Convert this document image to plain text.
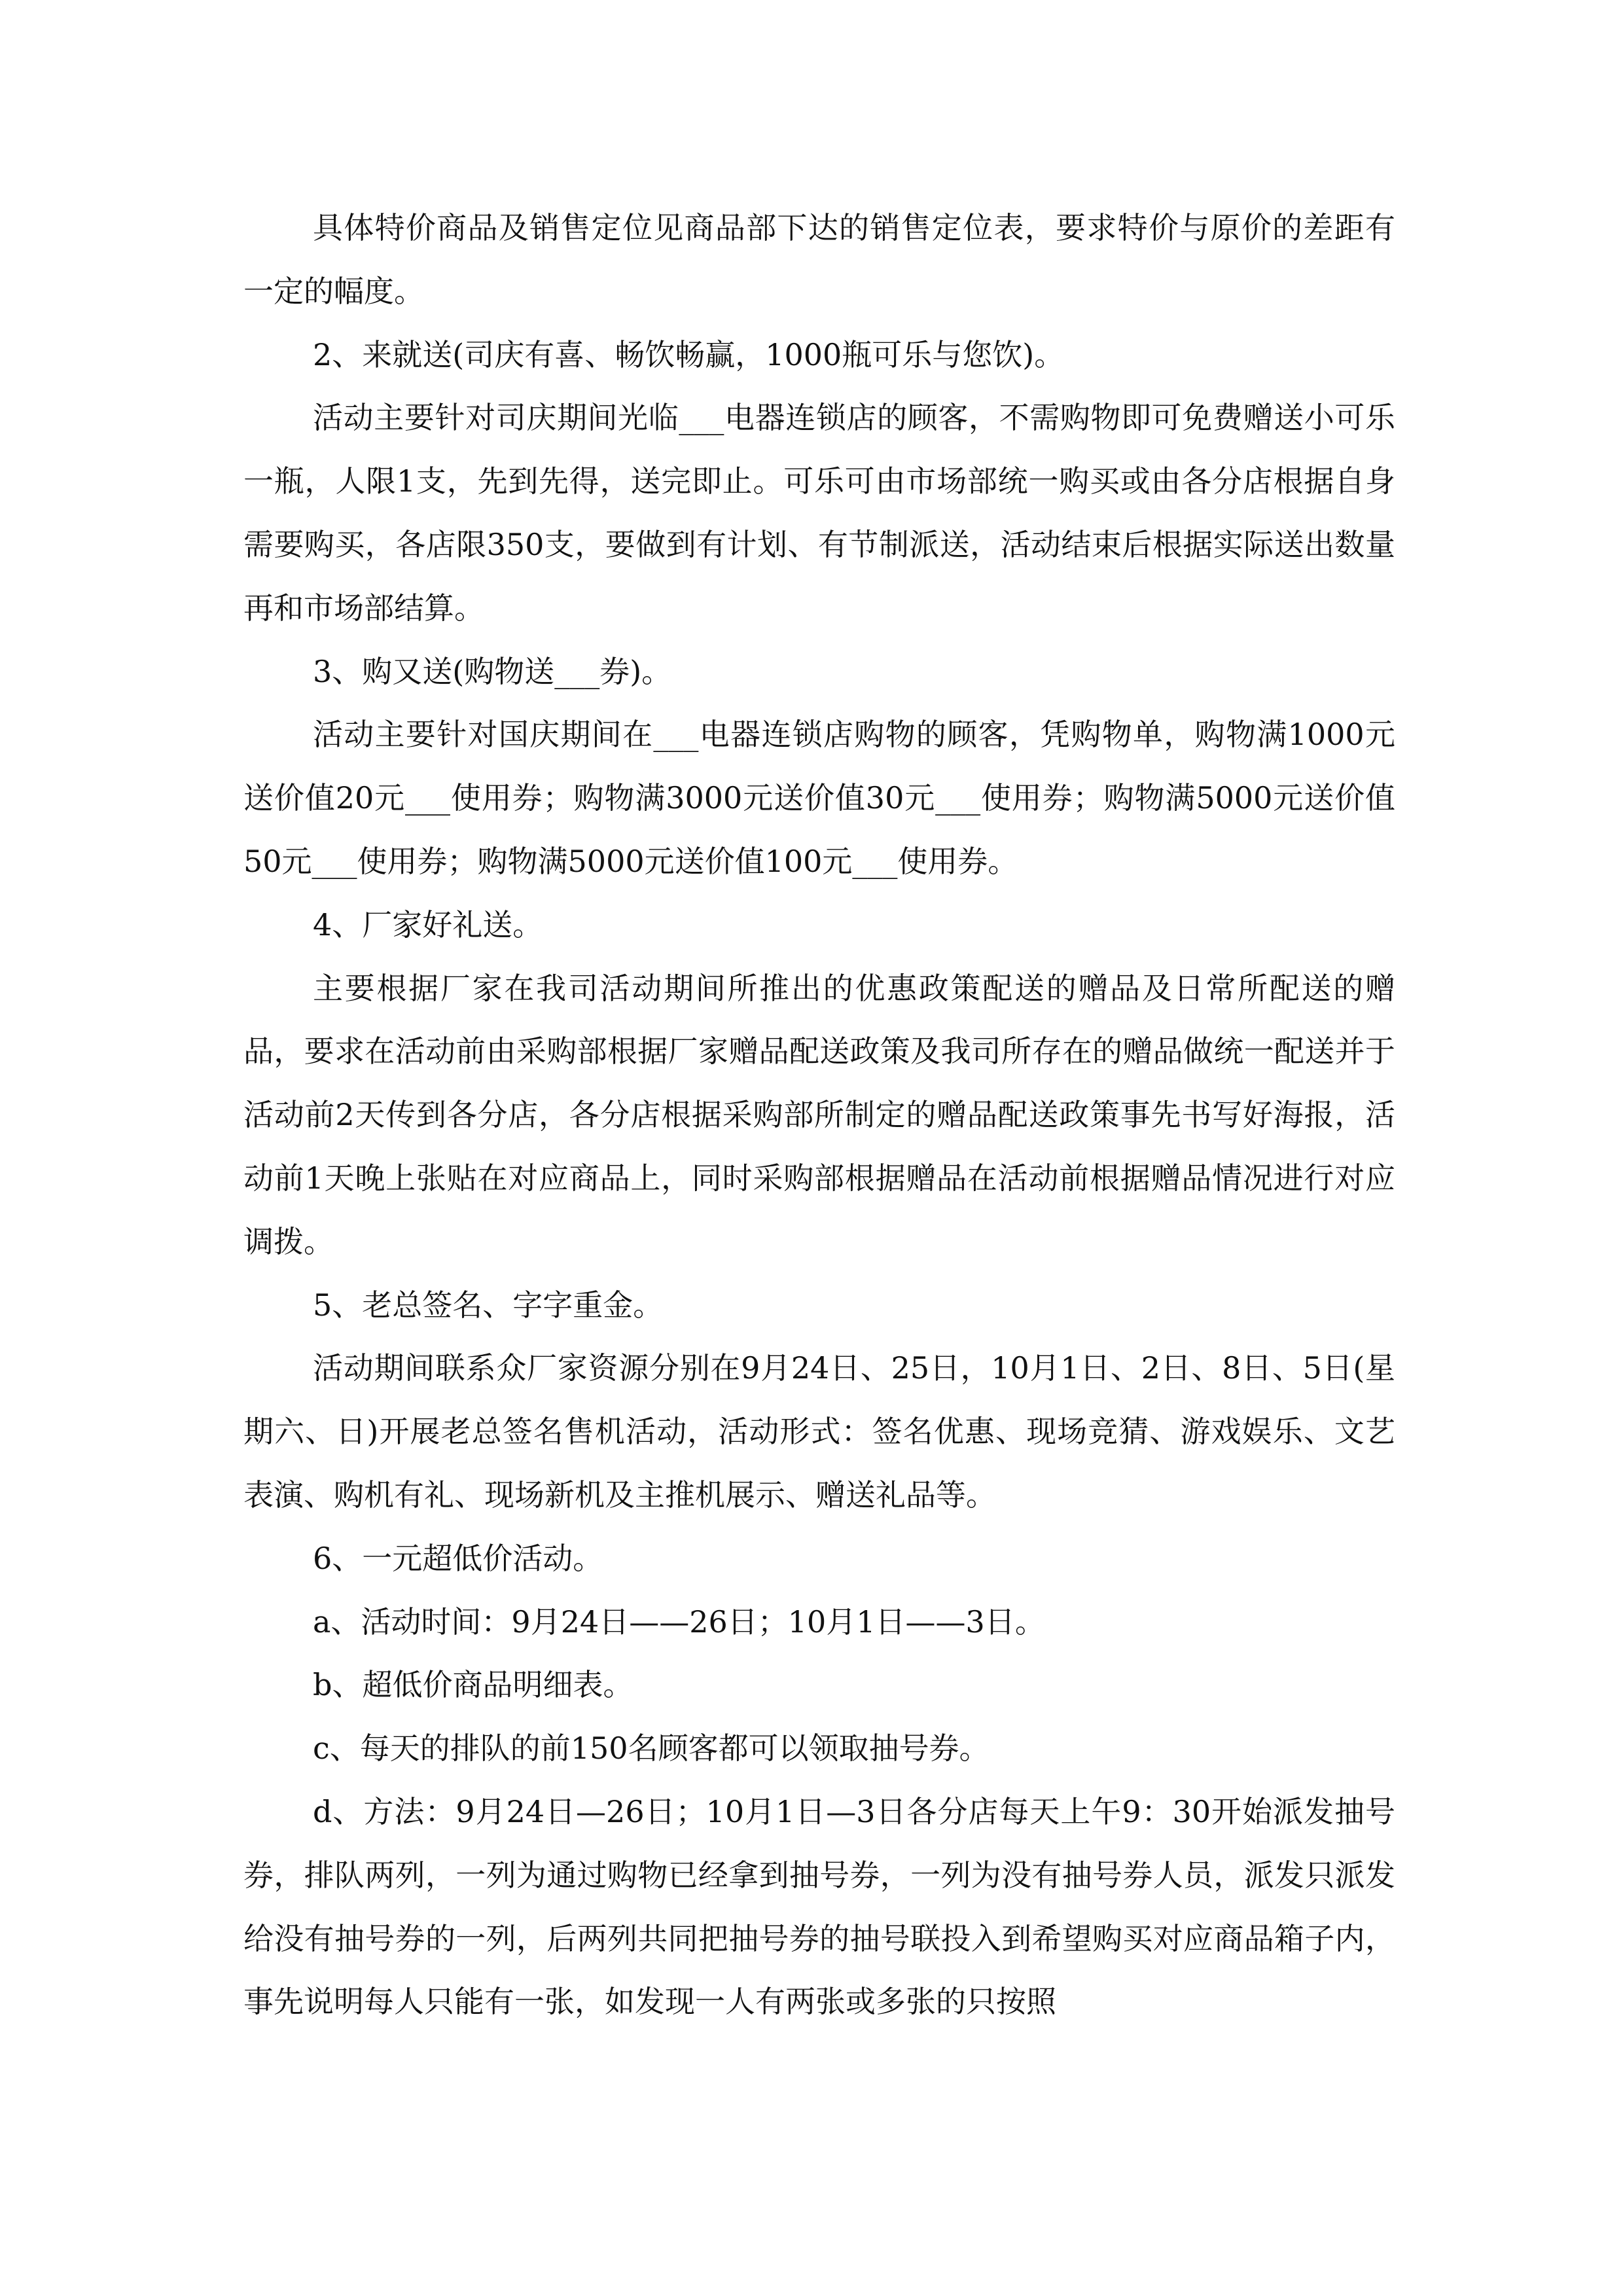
具体特价商品及销售定位见商品部下达的销售定位表，要求特价与原价的差距有一定的幅度。

2、来就送(司庆有喜、畅饮畅赢，1000瓶可乐与您饮)。

活动主要针对司庆期间光临___电器连锁店的顾客，不需购物即可免费赠送小可乐一瓶，人限1支，先到先得，送完即止。可乐可由市场部统一购买或由各分店根据自身需要购买，各店限350支，要做到有计划、有节制派送，活动结束后根据实际送出数量再和市场部结算。

3、购又送(购物送___券)。

活动主要针对国庆期间在___电器连锁店购物的顾客，凭购物单，购物满1000元送价值20元___使用券；购物满3000元送价值30元___使用券；购物满5000元送价值50元___使用券；购物满5000元送价值100元___使用券。

4、厂家好礼送。

主要根据厂家在我司活动期间所推出的优惠政策配送的赠品及日常所配送的赠品，要求在活动前由采购部根据厂家赠品配送政策及我司所存在的赠品做统一配送并于活动前2天传到各分店，各分店根据采购部所制定的赠品配送政策事先书写好海报，活动前1天晚上张贴在对应商品上，同时采购部根据赠品在活动前根据赠品情况进行对应调拨。

5、老总签名、字字重金。

活动期间联系众厂家资源分别在9月24日、25日，10月1日、2日、8日、5日(星期六、日)开展老总签名售机活动，活动形式：签名优惠、现场竞猜、游戏娱乐、文艺表演、购机有礼、现场新机及主推机展示、赠送礼品等。

6、一元超低价活动。

a、活动时间：9月24日——26日；10月1日——3日。

b、超低价商品明细表。

c、每天的排队的前150名顾客都可以领取抽号券。

d、方法：9月24日—26日；10月1日—3日各分店每天上午9：30开始派发抽号券，排队两列，一列为通过购物已经拿到抽号券，一列为没有抽号券人员，派发只派发给没有抽号券的一列，后两列共同把抽号券的抽号联投入到希望购买对应商品箱子内，事先说明每人只能有一张，如发现一人有两张或多张的只按照
